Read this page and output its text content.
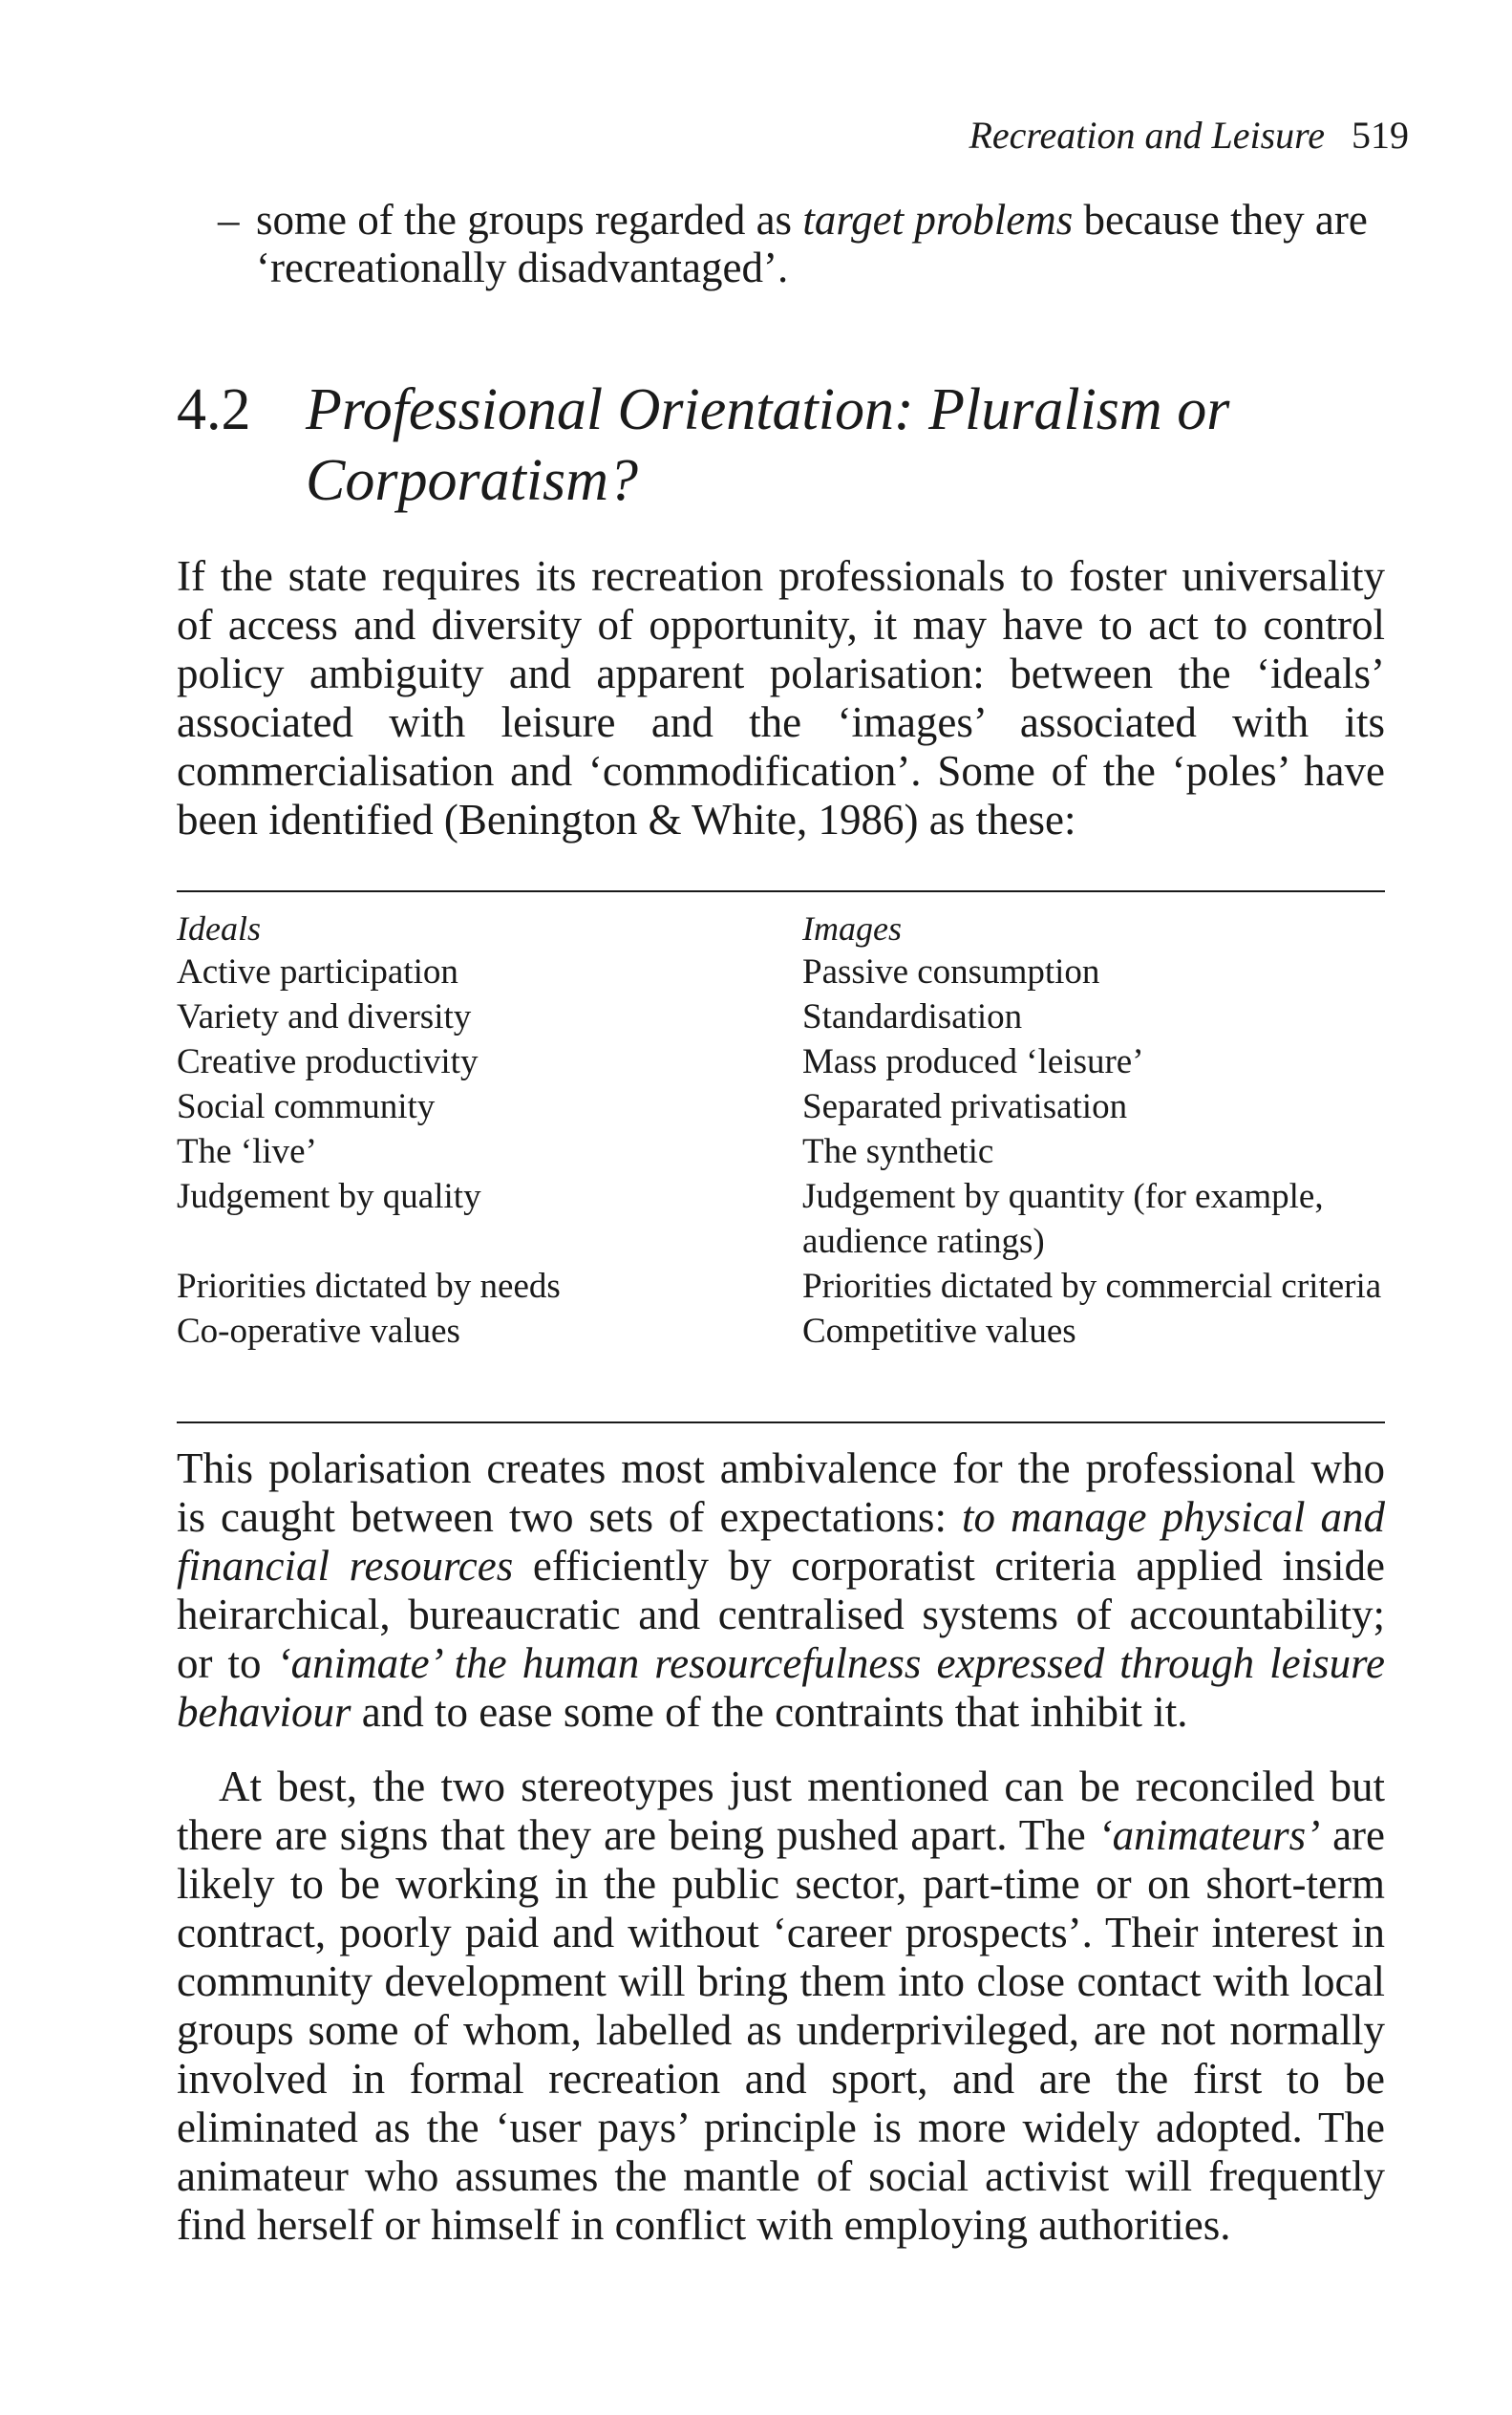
Recreation and Leisure 519
– some of the groups regarded as target problems because they are ‘recreationally disadvantaged’.
4.2 Professional Orientation: Pluralism or Corporatism?

If the state requires its recreation professionals to foster universality of access and diversity of opportunity, it may have to act to control policy ambiguity and apparent polarisation: between the ‘ideals’ associated with leisure and the ‘images’ associated with its commercialisation and ‘commodification’. Some of the ‘poles’ have been identified (Benington & White, 1986) as these:

Ideals	Images
Active participation	Passive consumption
Variety and diversity	Standardisation
Creative productivity	Mass produced ‘leisure’
Social community	Separated privatisation
The ‘live’	The synthetic
Judgement by quality	Judgement by quantity (for example, audience ratings)
Priorities dictated by needs	Priorities dictated by commercial criteria
Co-operative values	Competitive values

This polarisation creates most ambivalence for the professional who is caught between two sets of expectations: to manage physical and financial resources efficiently by corporatist criteria applied inside heirarchical, bureaucratic and centralised systems of accountability; or to ‘animate’ the human resourcefulness expressed through leisure behaviour and to ease some of the contraints that inhibit it.

At best, the two stereotypes just mentioned can be reconciled but there are signs that they are being pushed apart. The ‘animateurs’ are likely to be working in the public sector, part-time or on short-term contract, poorly paid and without ‘career prospects’. Their interest in community development will bring them into close contact with local groups some of whom, labelled as underprivileged, are not normally involved in formal recreation and sport, and are the first to be eliminated as the ‘user pays’ principle is more widely adopted. The animateur who assumes the mantle of social activist will frequently find herself or himself in conflict with employing authorities.
